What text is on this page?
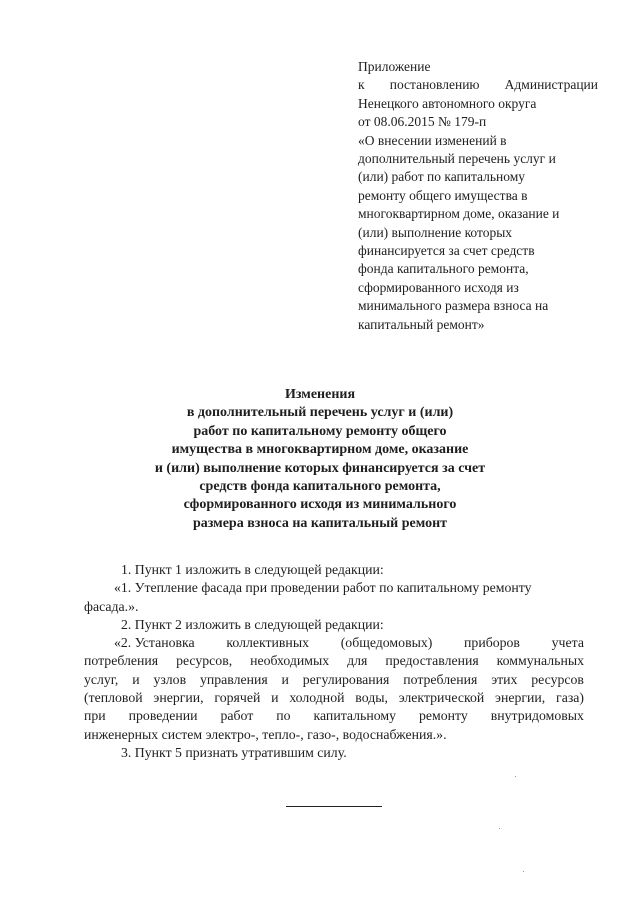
Приложение
к постановлению Администрации
Ненецкого автономного округа
от 08.06.2015 № 179-п
«О внесении изменений в
дополнительный перечень услуг и
(или) работ по капитальному
ремонту общего имущества в
многоквартирном доме, оказание и
(или) выполнение которых
финансируется за счет средств
фонда капитального ремонта,
сформированного исходя из
минимального размера взноса на
капитальный ремонт»
Изменения
в дополнительный перечень услуг и (или)
работ по капитальному ремонту общего
имущества в многоквартирном доме, оказание
и (или) выполнение которых финансируется за счет
средств фонда капитального ремонта,
сформированного исходя из минимального
размера взноса на капитальный ремонт
1. Пункт 1 изложить в следующей редакции:
«1. Утепление фасада при проведении работ по капитальному ремонту
фасада.».
2. Пункт 2 изложить в следующей редакции:
«2. Установка коллективных (общедомовых) приборов учета
потребления ресурсов, необходимых для предоставления коммунальных
услуг, и узлов управления и регулирования потребления этих ресурсов
(тепловой энергии, горячей и холодной воды, электрической энергии, газа)
при проведении работ по капитальному ремонту внутридомовых
инженерных систем электро-, тепло-, газо-, водоснабжения.».
3. Пункт 5 признать утратившим силу.
